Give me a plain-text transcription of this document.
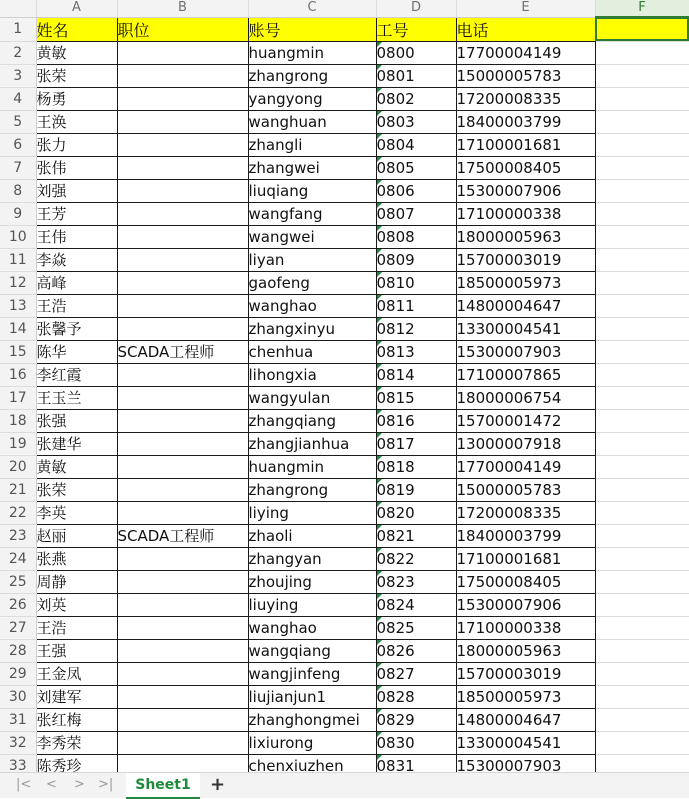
	A	B	C	D	E	F
1	姓名	职位	账号	工号	电话	
2	黄敏		huangmin	0800	17700004149	
3	张荣		zhangrong	0801	15000005783	
4	杨勇		yangyong	0802	17200008335	
5	王涣		wanghuan	0803	18400003799	
6	张力		zhangli	0804	17100001681	
7	张伟		zhangwei	0805	17500008405	
8	刘强		liuqiang	0806	15300007906	
9	王芳		wangfang	0807	17100000338	
10	王伟		wangwei	0808	18000005963	
11	李焱		liyan	0809	15700003019	
12	高峰		gaofeng	0810	18500005973	
13	王浩		wanghao	0811	14800004647	
14	张馨予		zhangxinyu	0812	13300004541	
15	陈华	SCADA工程师	chenhua	0813	15300007903	
16	李红霞		lihongxia	0814	17100007865	
17	王玉兰		wangyulan	0815	18000006754	
18	张强		zhangqiang	0816	15700001472	
19	张建华		zhangjianhua	0817	13000007918	
20	黄敏		huangmin	0818	17700004149	
21	张荣		zhangrong	0819	15000005783	
22	李英		liying	0820	17200008335	
23	赵丽	SCADA工程师	zhaoli	0821	18400003799	
24	张燕		zhangyan	0822	17100001681	
25	周静		zhoujing	0823	17500008405	
26	刘英		liuying	0824	15300007906	
27	王浩		wanghao	0825	17100000338	
28	王强		wangqiang	0826	18000005963	
29	王金凤		wangjinfeng	0827	15700003019	
30	刘建军		liujianjun1	0828	18500005973	
31	张红梅		zhanghongmei	0829	14800004647	
32	李秀荣		lixiurong	0830	13300004541	
33	陈秀珍		chenxiuzhen	0831	15300007903	
|< < > >|	Sheet1	+
